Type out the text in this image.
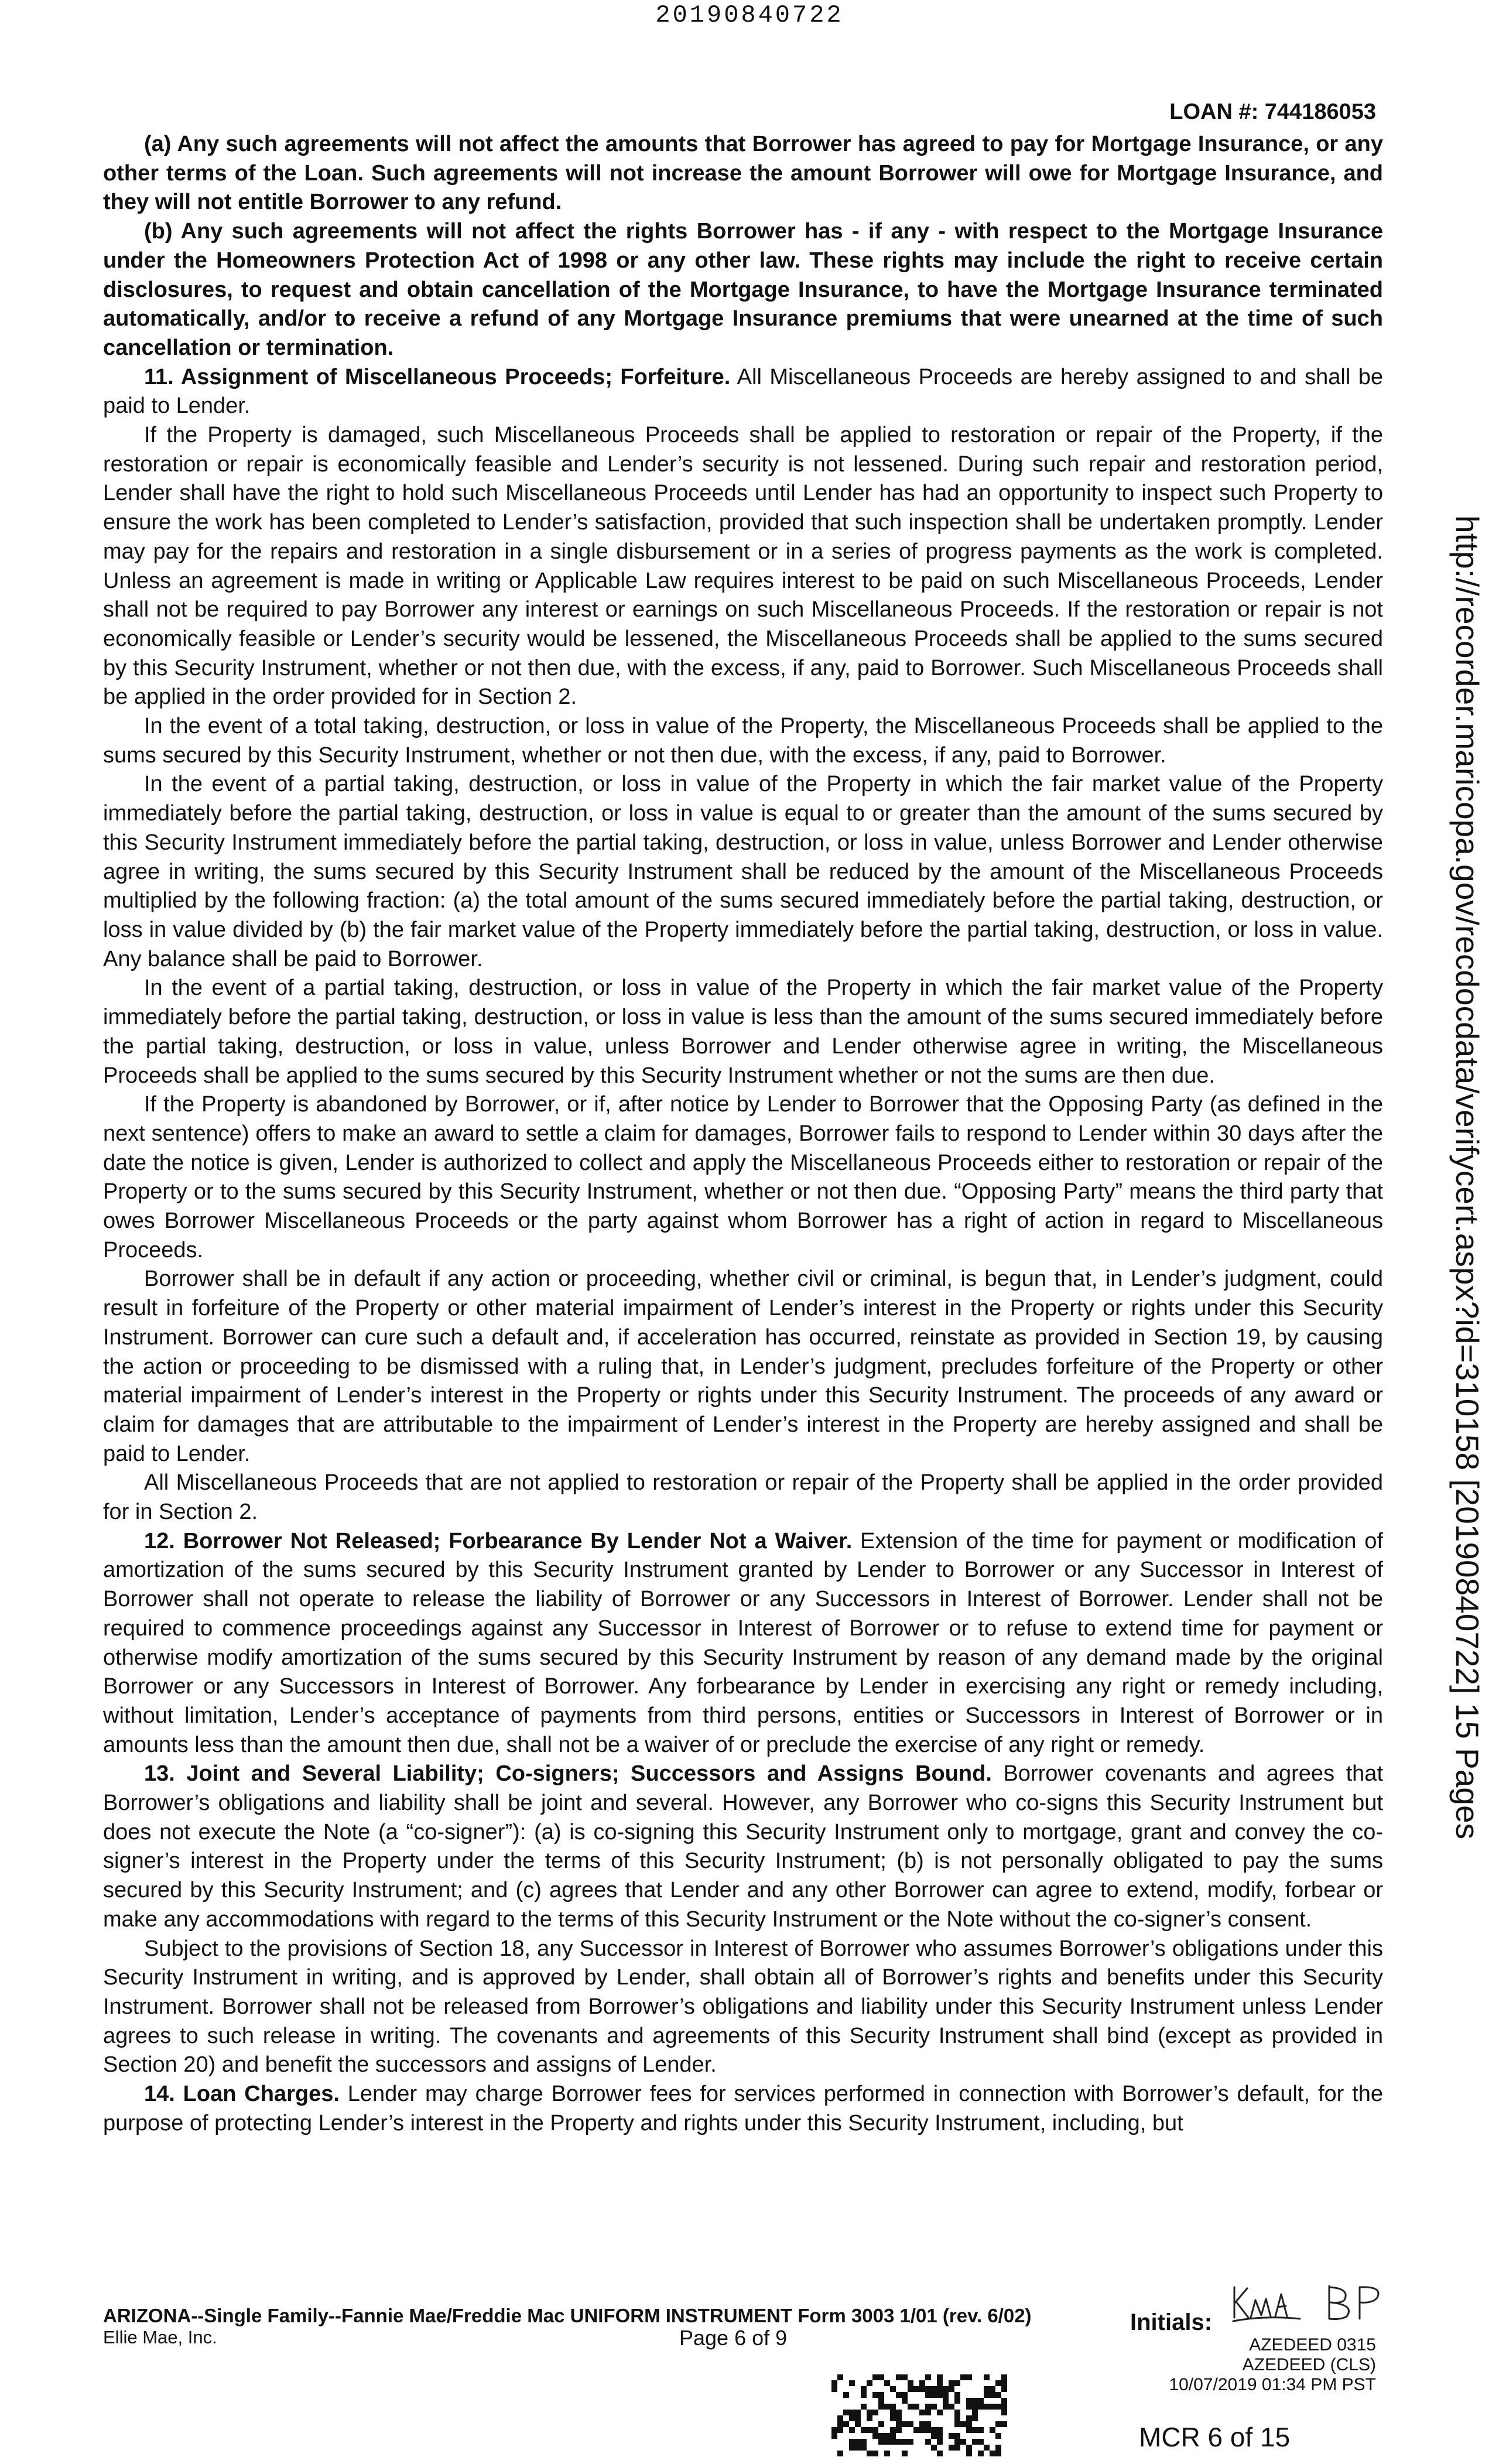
20190840722
LOAN #: 744186053

(a) Any such agreements will not affect the amounts that Borrower has agreed to pay for Mortgage Insurance, or any other terms of the Loan. Such agreements will not increase the amount Borrower will owe for Mortgage Insurance, and they will not entitle Borrower to any refund.

(b) Any such agreements will not affect the rights Borrower has - if any - with respect to the Mortgage Insurance under the Homeowners Protection Act of 1998 or any other law. These rights may include the right to receive certain disclosures, to request and obtain cancellation of the Mortgage Insurance, to have the Mortgage Insurance terminated automatically, and/or to receive a refund of any Mortgage Insurance premiums that were unearned at the time of such cancellation or termination.

11. Assignment of Miscellaneous Proceeds; Forfeiture. All Miscellaneous Proceeds are hereby assigned to and shall be paid to Lender.

If the Property is damaged, such Miscellaneous Proceeds shall be applied to restoration or repair of the Property, if the restoration or repair is economically feasible and Lender’s security is not lessened. During such repair and restoration period, Lender shall have the right to hold such Miscellaneous Proceeds until Lender has had an opportunity to inspect such Property to ensure the work has been completed to Lender’s satisfaction, provided that such inspection shall be undertaken promptly. Lender may pay for the repairs and restoration in a single disbursement or in a series of progress payments as the work is completed. Unless an agreement is made in writing or Applicable Law requires interest to be paid on such Miscellaneous Proceeds, Lender shall not be required to pay Borrower any interest or earnings on such Miscellaneous Proceeds. If the restoration or repair is not economically feasible or Lender’s security would be lessened, the Miscellaneous Proceeds shall be applied to the sums secured by this Security Instrument, whether or not then due, with the excess, if any, paid to Borrower. Such Miscellaneous Proceeds shall be applied in the order provided for in Section 2.

In the event of a total taking, destruction, or loss in value of the Property, the Miscellaneous Proceeds shall be applied to the sums secured by this Security Instrument, whether or not then due, with the excess, if any, paid to Borrower.

In the event of a partial taking, destruction, or loss in value of the Property in which the fair market value of the Property immediately before the partial taking, destruction, or loss in value is equal to or greater than the amount of the sums secured by this Security Instrument immediately before the partial taking, destruction, or loss in value, unless Borrower and Lender otherwise agree in writing, the sums secured by this Security Instrument shall be reduced by the amount of the Miscellaneous Proceeds multiplied by the following fraction: (a) the total amount of the sums secured immediately before the partial taking, destruction, or loss in value divided by (b) the fair market value of the Property immediately before the partial taking, destruction, or loss in value. Any balance shall be paid to Borrower.

In the event of a partial taking, destruction, or loss in value of the Property in which the fair market value of the Property immediately before the partial taking, destruction, or loss in value is less than the amount of the sums secured immediately before the partial taking, destruction, or loss in value, unless Borrower and Lender otherwise agree in writing, the Miscellaneous Proceeds shall be applied to the sums secured by this Security Instrument whether or not the sums are then due.

If the Property is abandoned by Borrower, or if, after notice by Lender to Borrower that the Opposing Party (as defined in the next sentence) offers to make an award to settle a claim for damages, Borrower fails to respond to Lender within 30 days after the date the notice is given, Lender is authorized to collect and apply the Miscellaneous Proceeds either to restoration or repair of the Property or to the sums secured by this Security Instrument, whether or not then due. “Opposing Party” means the third party that owes Borrower Miscellaneous Proceeds or the party against whom Borrower has a right of action in regard to Miscellaneous Proceeds.

Borrower shall be in default if any action or proceeding, whether civil or criminal, is begun that, in Lender’s judgment, could result in forfeiture of the Property or other material impairment of Lender’s interest in the Property or rights under this Security Instrument. Borrower can cure such a default and, if acceleration has occurred, reinstate as provided in Section 19, by causing the action or proceeding to be dismissed with a ruling that, in Lender’s judgment, precludes forfeiture of the Property or other material impairment of Lender’s interest in the Property or rights under this Security Instrument. The proceeds of any award or claim for damages that are attributable to the impairment of Lender’s interest in the Property are hereby assigned and shall be paid to Lender.

All Miscellaneous Proceeds that are not applied to restoration or repair of the Property shall be applied in the order provided for in Section 2.

12. Borrower Not Released; Forbearance By Lender Not a Waiver. Extension of the time for payment or modification of amortization of the sums secured by this Security Instrument granted by Lender to Borrower or any Successor in Interest of Borrower shall not operate to release the liability of Borrower or any Successors in Interest of Borrower. Lender shall not be required to commence proceedings against any Successor in Interest of Borrower or to refuse to extend time for payment or otherwise modify amortization of the sums secured by this Security Instrument by reason of any demand made by the original Borrower or any Successors in Interest of Borrower. Any forbearance by Lender in exercising any right or remedy including, without limitation, Lender’s acceptance of payments from third persons, entities or Successors in Interest of Borrower or in amounts less than the amount then due, shall not be a waiver of or preclude the exercise of any right or remedy.

13. Joint and Several Liability; Co-signers; Successors and Assigns Bound. Borrower covenants and agrees that Borrower’s obligations and liability shall be joint and several. However, any Borrower who co-signs this Security Instrument but does not execute the Note (a “co-signer”): (a) is co-signing this Security Instrument only to mortgage, grant and convey the co-signer’s interest in the Property under the terms of this Security Instrument; (b) is not personally obligated to pay the sums secured by this Security Instrument; and (c) agrees that Lender and any other Borrower can agree to extend, modify, forbear or make any accommodations with regard to the terms of this Security Instrument or the Note without the co-signer’s consent.

Subject to the provisions of Section 18, any Successor in Interest of Borrower who assumes Borrower’s obligations under this Security Instrument in writing, and is approved by Lender, shall obtain all of Borrower’s rights and benefits under this Security Instrument. Borrower shall not be released from Borrower’s obligations and liability under this Security Instrument unless Lender agrees to such release in writing. The covenants and agreements of this Security Instrument shall bind (except as provided in Section 20) and benefit the successors and assigns of Lender.

14. Loan Charges. Lender may charge Borrower fees for services performed in connection with Borrower’s default, for the purpose of protecting Lender’s interest in the Property and rights under this Security Instrument, including, but

http://recorder.maricopa.gov/recdocdata/verifycert.aspx?id=310158 [20190840722] 15 Pages
ARIZONA--Single Family--Fannie Mae/Freddie Mac UNIFORM INSTRUMENT Form 3003 1/01 (rev. 6/02)
Ellie Mae, Inc.	Page 6 of 9
Initials:
AZEDEED 0315
AZEDEED (CLS)
10/07/2019 01:34 PM PST
MCR 6 of 15
